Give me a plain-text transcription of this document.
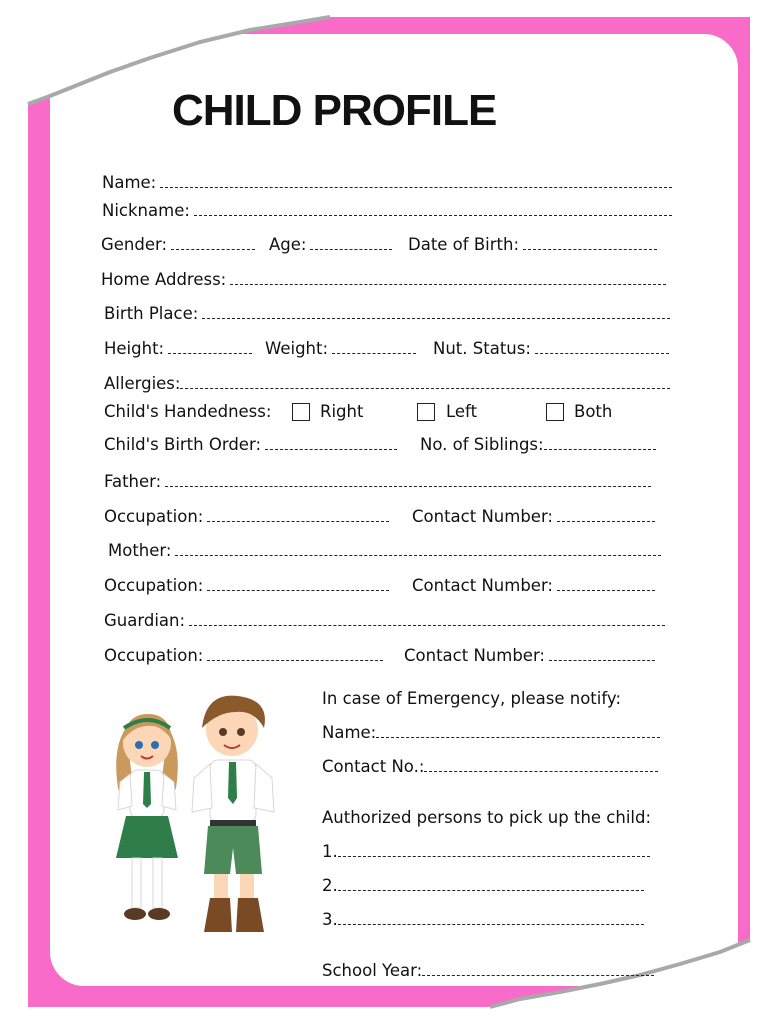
CHILD PROFILE
Name:
Nickname:
Gender:	Age:	Date of Birth:
Home Address:
Birth Place:
Height:	Weight:	Nut. Status:
Allergies:
Child's Handedness:	Right	Left	Both
Child's Birth Order:	No. of Siblings:
Father:
Occupation:	Contact Number:
Mother:
Occupation:	Contact Number:
Guardian:
Occupation:	Contact Number:
In case of Emergency, please notify:
Name:
Contact No.:
Authorized persons to pick up the child:
1.
2.
3.
School Year:
